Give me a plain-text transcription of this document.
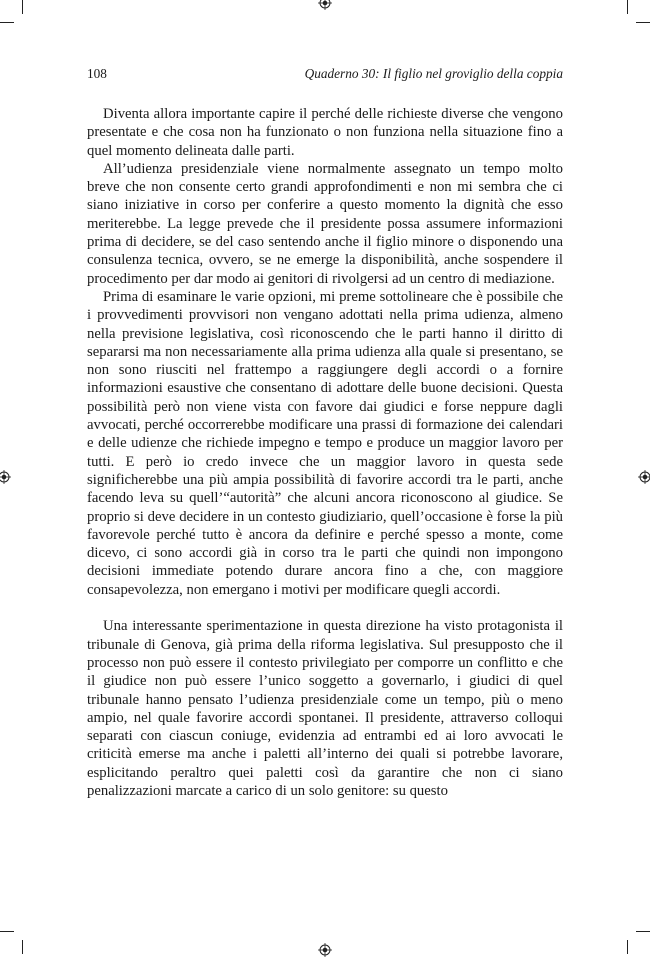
108	Quaderno 30: Il figlio nel groviglio della coppia

Diventa allora importante capire il perché delle richieste diverse che vengono presentate e che cosa non ha funzionato o non funziona nella situazione fino a quel momento delineata dalle parti.

All’udienza presidenziale viene normalmente assegnato un tempo molto breve che non consente certo grandi approfondimenti e non mi sembra che ci siano iniziative in corso per conferire a questo momento la dignità che esso meriterebbe. La legge prevede che il presidente possa assumere informazioni prima di decidere, se del caso sentendo anche il figlio minore o disponendo una consulenza tecnica, ovvero, se ne emerge la disponibilità, anche sospendere il procedimento per dar modo ai genitori di rivolgersi ad un centro di mediazione.

Prima di esaminare le varie opzioni, mi preme sottolineare che è possibile che i provvedimenti provvisori non vengano adottati nella prima udienza, almeno nella previsione legislativa, così riconoscendo che le parti hanno il diritto di separarsi ma non necessariamente alla prima udienza alla quale si presentano, se non sono riusciti nel frattempo a raggiungere degli accordi o a fornire informazioni esaustive che consentano di adottare delle buone decisioni. Questa possibilità però non viene vista con favore dai giudici e forse neppure dagli avvocati, perché occorrerebbe modificare una prassi di formazione dei calendari e delle udienze che richiede impegno e tempo e produce un maggior lavoro per tutti. E però io credo invece che un maggior lavoro in questa sede significherebbe una più ampia possibilità di favorire accordi tra le parti, anche facendo leva su quell’“autorità” che alcuni ancora riconoscono al giudice. Se proprio si deve decidere in un contesto giudiziario, quell’occasione è forse la più favorevole perché tutto è ancora da definire e perché spesso a monte, come dicevo, ci sono accordi già in corso tra le parti che quindi non impongono decisioni immediate potendo durare ancora fino a che, con maggiore consapevolezza, non emergano i motivi per modificare quegli accordi.

Una interessante sperimentazione in questa direzione ha visto protagonista il tribunale di Genova, già prima della riforma legislativa. Sul presupposto che il processo non può essere il contesto privilegiato per comporre un conflitto e che il giudice non può essere l’unico soggetto a governarlo, i giudici di quel tribunale hanno pensato l’udienza presidenziale come un tempo, più o meno ampio, nel quale favorire accordi spontanei. Il presidente, attraverso colloqui separati con ciascun coniuge, evidenzia ad entrambi ed ai loro avvocati le criticità emerse ma anche i paletti all’interno dei quali si potrebbe lavorare, esplicitando peraltro quei paletti così da garantire che non ci siano penalizzazioni marcate a carico di un solo genitore: su questo
